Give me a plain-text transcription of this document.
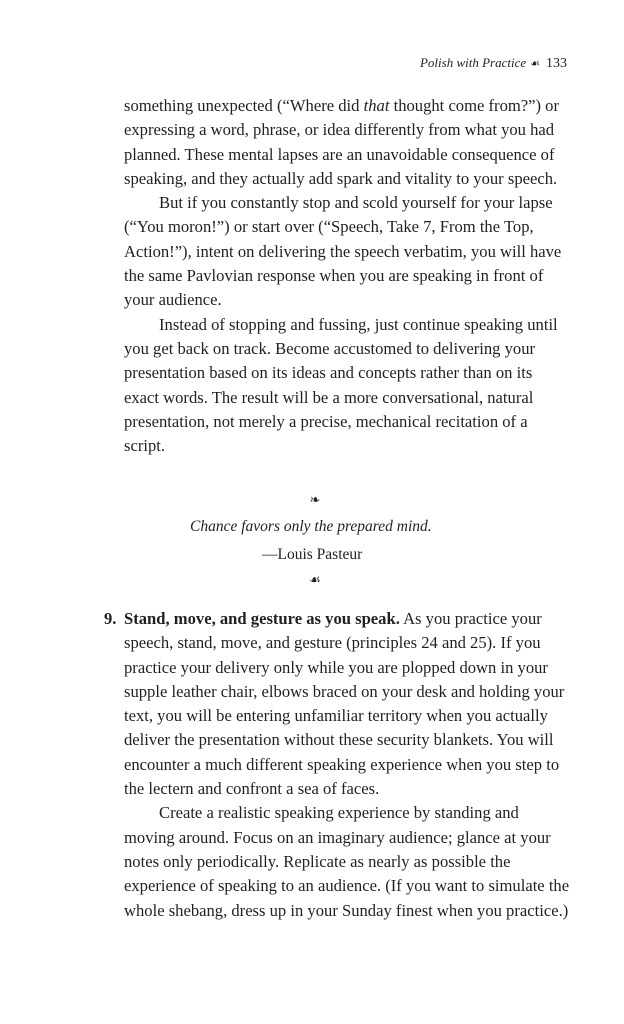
Polish with Practice ☙ 133

something unexpected (“Where did that thought come from?”) or expressing a word, phrase, or idea differently from what you had planned. These mental lapses are an unavoidable consequence of speaking, and they actually add spark and vitality to your speech.

But if you constantly stop and scold yourself for your lapse (“You moron!”) or start over (“Speech, Take 7, From the Top, Action!”), intent on delivering the speech verbatim, you will have the same Pavlovian response when you are speaking in front of your audience.

Instead of stopping and fussing, just continue speaking until you get back on track. Become accustomed to delivering your presentation based on its ideas and concepts rather than on its exact words. The result will be a more conversational, natural presentation, not merely a precise, mechanical recitation of a script.

❧
Chance favors only the prepared mind.
—Louis Pasteur
☙
9. Stand, move, and gesture as you speak. As you practice your speech, stand, move, and gesture (principles 24 and 25). If you practice your delivery only while you are plopped down in your supple leather chair, elbows braced on your desk and holding your text, you will be entering unfamiliar territory when you actually deliver the presentation without these security blankets. You will encounter a much different speaking experience when you step to the lectern and confront a sea of faces.

Create a realistic speaking experience by standing and moving around. Focus on an imaginary audience; glance at your notes only periodically. Replicate as nearly as possible the experience of speaking to an audience. (If you want to simulate the whole shebang, dress up in your Sunday finest when you practice.)
